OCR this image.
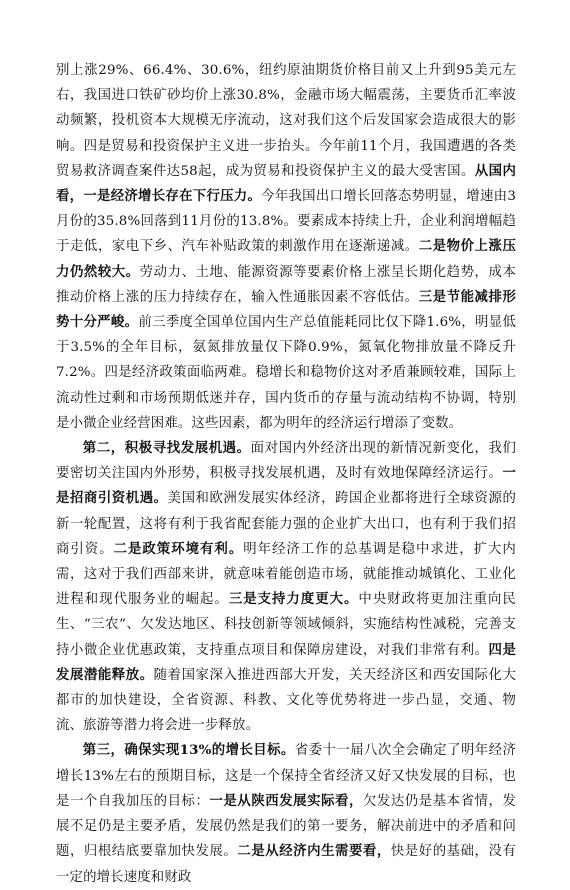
别上涨29%、66.4%、30.6%，纽约原油期货价格目前又上升到95美元左右，我国进口铁矿砂均价上涨30.8%，金融市场大幅震荡，主要货币汇率波动频繁，投机资本大规模无序流动，这对我们这个后发国家会造成很大的影响。四是贸易和投资保护主义进一步抬头。今年前11个月，我国遭遇的各类贸易救济调查案件达58起，成为贸易和投资保护主义的最大受害国。从国内看，一是经济增长存在下行压力。今年我国出口增长回落态势明显，增速由3月份的35.8%回落到11月份的13.8%。要素成本持续上升，企业利润增幅趋于走低，家电下乡、汽车补贴政策的刺激作用在逐渐递减。二是物价上涨压力仍然较大。劳动力、土地、能源资源等要素价格上涨呈长期化趋势，成本推动价格上涨的压力持续存在，输入性通胀因素不容低估。三是节能减排形势十分严峻。前三季度全国单位国内生产总值能耗同比仅下降1.6%，明显低于3.5%的全年目标，氨氮排放量仅下降0.9%，氮氧化物排放量不降反升7.2%。四是经济政策面临两难。稳增长和稳物价这对矛盾兼顾较难，国际上流动性过剩和市场预期低迷并存，国内货币的存量与流动结构不协调，特别是小微企业经营困难。这些因素，都为明年的经济运行增添了变数。

第二，积极寻找发展机遇。面对国内外经济出现的新情况新变化，我们要密切关注国内外形势，积极寻找发展机遇，及时有效地保障经济运行。一是招商引资机遇。美国和欧洲发展实体经济，跨国企业都将进行全球资源的新一轮配置，这将有利于我省配套能力强的企业扩大出口，也有利于我们招商引资。二是政策环境有利。明年经济工作的总基调是稳中求进，扩大内需，这对于我们西部来讲，就意味着能创造市场，就能推动城镇化、工业化进程和现代服务业的崛起。三是支持力度更大。中央财政将更加注重向民生、“三农”、欠发达地区、科技创新等领域倾斜，实施结构性减税，完善支持小微企业优惠政策，支持重点项目和保障房建设，对我们非常有利。四是发展潜能释放。随着国家深入推进西部大开发，关天经济区和西安国际化大都市的加快建设，全省资源、科教、文化等优势将进一步凸显，交通、物流、旅游等潜力将会进一步释放。

第三，确保实现13%的增长目标。省委十一届八次全会确定了明年经济增长13%左右的预期目标，这是一个保持全省经济又好又快发展的目标，也是一个自我加压的目标：一是从陕西发展实际看，欠发达仍是基本省情，发展不足仍是主要矛盾，发展仍然是我们的第一要务，解决前进中的矛盾和问题，归根结底要靠加快发展。二是从经济内生需要看，快是好的基础，没有一定的增长速度和财政
